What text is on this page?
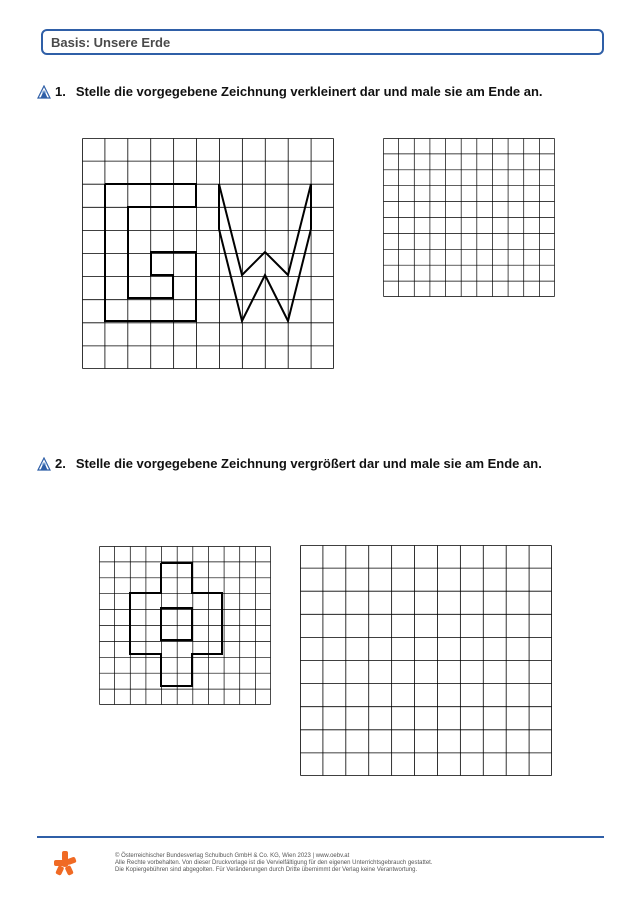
Basis: Unsere Erde
1. Stelle die vorgegebene Zeichnung verkleinert dar und male sie am Ende an.
2. Stelle die vorgegebene Zeichnung vergrößert dar und male sie am Ende an.
© Österreichischer Bundesverlag Schulbuch GmbH & Co. KG, Wien 2023 | www.oebv.at
Alle Rechte vorbehalten. Von dieser Druckvorlage ist die Vervielfältigung für den eigenen Unterrichtsgebrauch gestattet.
Die Kopiergebühren sind abgegolten. Für Veränderungen durch Dritte übernimmt der Verlag keine Verantwortung.
